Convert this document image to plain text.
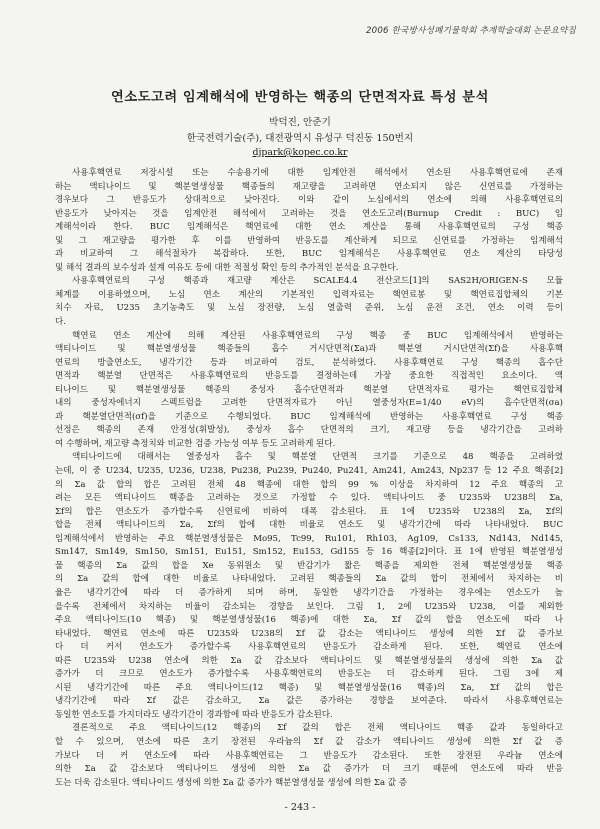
2006 한국방사성폐기물학회 추계학술대회 논문요약집
연소도고려 임계해석에 반영하는 핵종의 단면적자료 특성 분석
박덕진, 안준기
한국전력기술(주), 대전광역시 유성구 덕진동 150번지
djpark@kopec.co.kr

사용후핵연료 저장시설 또는 수송용기에 대한 임계안전 해석에서 연소된 사용후핵연료에 존재
하는 액티나이드 및 핵분열생성물 핵종들의 재고량을 고려하면 연소되지 않은 신연료를 가정하는
경우보다 그 반응도가 상대적으로 낮아진다. 이와 같이 노심에서의 연소에 의해 사용후핵연료의
반응도가 낮아지는 것을 임계안전 해석에서 고려하는 것을 연소도고려(Burnup Credit : BUC) 임
계해석이라 한다. BUC 임계해석은 핵연료에 대한 연소 계산을 통해 사용후핵연료의 구성 핵종
및 그 재고량을 평가한 후 이를 반영하여 반응도를 계산하게 되므로 신연료를 가정하는 임계해석
과 비교하여 그 해석절차가 복잡하다. 또한, BUC 임계해석은 사용후핵연료 연소 계산의 타당성
및 해석 결과의 보수성과 설계 여유도 등에 대한 적절성 확인 등의 추가적인 분석을 요구한다.

사용후핵연료의 구성 핵종과 재고량 계산은 SCALE4.4 전산코드[1]의 SAS2H/ORIGEN-S 모듈
체계를 이용하였으며, 노심 연소 계산의 기본적인 입력자료는 핵연료봉 및 핵연료집합체의 기본
치수 자료, U235 초기농축도 및 노심 장전량, 노심 열출력 준위, 노심 운전 조건, 연소 이력 등이
다.

핵연료 연소 계산에 의해 계산된 사용후핵연료의 구성 핵종 중 BUC 임계해석에서 반영하는
액티나이드 및 핵분열생성물 핵종들의 흡수 거시단면적(Σa)과 핵분열 거시단면적(Σf)을 사용후핵
연료의 방출연소도, 냉각기간 등과 비교하여 검토, 분석하였다. 사용후핵연료 구성 핵종의 흡수단
면적과 핵분열 단면적은 사용후핵연료의 반응도를 결정하는데 가장 중요한 직접적인 요소이다. 액
티나이드 및 핵분열생성물 핵종의 중성자 흡수단면적과 핵분열 단면적자료 평가는 핵연료집합체
내의 중성자에너지 스펙트럼을 고려한 단면적자료가 아닌 열중성자(E=1/40 eV)의 흡수단면적(σa)
과 핵분열단면적(σf)을 기준으로 수행되었다. BUC 임계해석에 반영하는 사용후핵연료 구성 핵종
선정은 핵종의 존재 안정성(휘발성), 중성자 흡수 단면적의 크기, 재고량 등을 냉각기간을 고려하
여 수행하며, 재고량 측정치와 비교한 검증 가능성 여부 등도 고려하게 된다.

액티나이드에 대해서는 열중성자 흡수 및 핵분열 단면적 크기를 기준으로 48 핵종을 고려하였
는데, 이 중 U234, U235, U236, U238, Pu238, Pu239, Pu240, Pu241, Am241, Am243, Np237 등 12 주요 핵종[2]
의 Σa 값 합의 합은 고려된 전체 48 핵종에 대한 합의 99 % 이상을 차지하여 12 주요 핵종의 고
려는 모든 액티나이드 핵종을 고려하는 것으로 가정할 수 있다. 액티나이드 중 U235와 U238의 Σa,
Σf의 합은 연소도가 증가할수록 신연료에 비하여 대폭 감소된다. 표 1에 U235와 U238의 Σa, Σf의
합을 전체 액티나이드의 Σa, Σf의 합에 대한 비율로 연소도 및 냉각기간에 따라 나타내었다. BUC
임계해석에서 반영하는 주요 핵분열생성물은 Mo95, Tc99, Ru101, Rh103, Ag109, Cs133, Nd143, Nd145,
Sm147, Sm149, Sm150, Sm151, Eu151, Sm152, Eu153, Gd155 등 16 핵종[2]이다. 표 1에 반영된 핵분열생성
물 핵종의 Σa 값의 합을 Xe 동위원소 및 반감기가 짧은 핵종을 제외한 전체 핵분열생성물 핵종
의 Σa 값의 합에 대한 비율로 나타내었다. 고려된 핵종들의 Σa 값의 합이 전체에서 차지하는 비
율은 냉각기간에 따라 더 증가하게 되며 하며, 동일한 냉각기간을 가정하는 경우에는 연소도가 높
을수록 전체에서 차지하는 비율이 감소되는 경향을 보인다. 그림 1, 2에 U235와 U238, 이를 제외한
주요 액티나이드(10 핵종) 및 핵분열생성물(16 핵종)에 대한 Σa, Σf 값의 합을 연소도에 따라 나
타내었다. 핵연료 연소에 따른 U235와 U238의 Σf 값 감소는 액티나이드 생성에 의한 Σf 값 증가보
다 더 커서 연소도가 증가할수록 사용후핵연료의 반응도가 감소하게 된다. 또한, 핵연료 연소에
따른 U235와 U238 연소에 의한 Σa 값 감소보다 액티나이드 및 핵분열생성물의 생성에 의한 Σa 값
증가가 더 크므로 연소도가 증가할수록 사용후핵연료의 반응도는 더 감소하게 된다. 그림 3에 제
시된 냉각기간에 따른 주요 액티나이드(12 핵종) 및 핵분열생성물(16 핵종)의 Σa, Σf 값의 합은
냉각기간에 따라 Σf 값은 감소하고, Σa 값은 증가하는 경향을 보여준다. 따라서 사용후핵연료는
동일한 연소도를 가지더라도 냉각기간이 경과함에 따라 반응도가 감소된다.

결론적으로 주요 액티나이드(12 핵종)의 Σf 값의 합은 전체 액티나이드 핵종 값과 동일하다고
할 수 있으며, 연소에 따른 초기 장전된 우라늄의 Σf 값 감소가 액티나이드 생성에 의한 Σf 값 증
가보다 더 커 연소도에 따라 사용후핵연료는 그 반응도가 감소된다. 또한 장전된 우라늄 연소에
의한 Σa 값 감소보다 액티나이드 생성에 의한 Σa 값 증가가 더 크기 때문에 연소도에 따라 반응
도는 더욱 감소된다. 액티나이드 생성에 의한 Σa 값 증가가 핵분열생성물 생성에 의한 Σa 값 증

- 243 -
